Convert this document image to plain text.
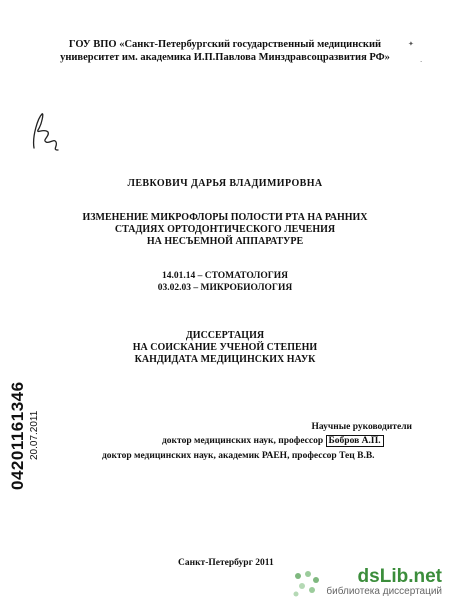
✦
·
ГОУ ВПО «Санкт-Петербургский государственный медицинский
университет им. академика И.П.Павлова Минздравсоцразвития РФ»
ЛЕВКОВИЧ ДАРЬЯ ВЛАДИМИРОВНА
ИЗМЕНЕНИЕ МИКРОФЛОРЫ ПОЛОСТИ РТА НА РАННИХ
СТАДИЯХ ОРТОДОНТИЧЕСКОГО ЛЕЧЕНИЯ
НА НЕСЪЕМНОЙ АППАРАТУРЕ
14.01.14 – СТОМАТОЛОГИЯ
03.02.03 – МИКРОБИОЛОГИЯ
ДИССЕРТАЦИЯ
НА СОИСКАНИЕ УЧЕНОЙ СТЕПЕНИ
КАНДИДАТА МЕДИЦИНСКИХ НАУК
Научные руководители
доктор медицинских наук, профессор Бобров А.П.
доктор медицинских наук, академик РАЕН, профессор Тец В.В.
Санкт-Петербург 2011
04201161346 20.07.2011
dsLib.net
библиотека диссертаций
